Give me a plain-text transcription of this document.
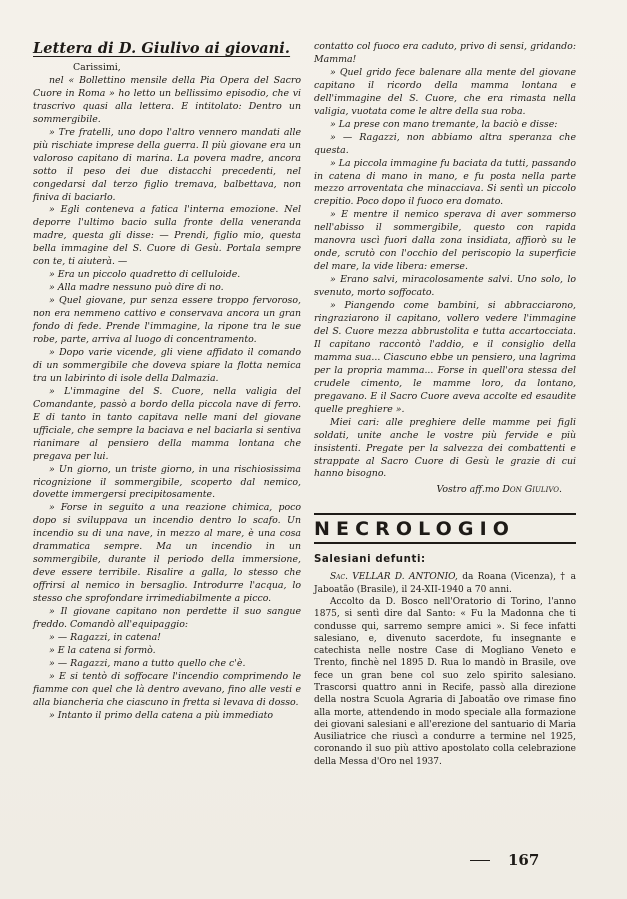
Lettera di D. Giulivo ai giovani.

Carissimi,

nel « Bollettino mensile della Pia Opera del Sacro Cuore in Roma » ho letto un bellissimo episodio, che vi trascrivo quasi alla lettera. E intitolato: Dentro un sommergibile.

» Tre fratelli, uno dopo l'altro vennero mandati alle più rischiate imprese della guerra. Il più giovane era un valoroso capitano di marina. La povera madre, ancora sotto il peso dei due distacchi precedenti, nel congedarsi dal terzo figlio tremava, balbettava, non finiva di baciarlo.

» Egli conteneva a fatica l'interna emozione. Nel deporre l'ultimo bacio sulla fronte della veneranda madre, questa gli disse: — Prendi, figlio mio, questa bella immagine del S. Cuore di Gesù. Portala sempre con te, ti aiuterà. —

» Era un piccolo quadretto di celluloide.

» Alla madre nessuno può dire di no.

» Quel giovane, pur senza essere troppo fervoroso, non era nemmeno cattivo e conservava ancora un gran fondo di fede. Prende l'immagine, la ripone tra le sue robe, parte, arriva al luogo di concentramento.

» Dopo varie vicende, gli viene affidato il comando di un sommergibile che doveva spiare la flotta nemica tra un labirinto di isole della Dalmazia.

» L'immagine del S. Cuore, nella valigia del Comandante, passò a bordo della piccola nave di ferro. E di tanto in tanto capitava nelle mani del giovane ufficiale, che sempre la baciava e nel baciarla si sentiva rianimare al pensiero della mamma lontana che pregava per lui.

» Un giorno, un triste giorno, in una rischiosissima ricognizione il sommergibile, scoperto dal nemico, dovette immergersi precipitosamente.

» Forse in seguito a una reazione chimica, poco dopo si sviluppava un incendio dentro lo scafo. Un incendio su di una nave, in mezzo al mare, è una cosa drammatica sempre. Ma un incendio in un sommergibile, durante il periodo della immersione, deve essere terribile. Risalire a galla, lo stesso che offrirsi al nemico in bersaglio. Introdurre l'acqua, lo stesso che sprofondare irrimediabilmente a picco.

» Il giovane capitano non perdette il suo sangue freddo. Comandò all'equipaggio:

» — Ragazzi, in catena!

» E la catena si formò.

» — Ragazzi, mano a tutto quello che c'è.

» E si tentò di soffocare l'incendio comprimendo le fiamme con quel che là dentro avevano, fino alle vesti e alla biancheria che ciascuno in fretta si levava di dosso.

» Intanto il primo della catena a più immediato

contatto col fuoco era caduto, privo di sensi, gridando: Mamma!

» Quel grido fece balenare alla mente del giovane capitano il ricordo della mamma lontana e dell'immagine del S. Cuore, che era rimasta nella valigia, vuotata come le altre della sua roba.

» La prese con mano tremante, la baciò e disse:

» — Ragazzi, non abbiamo altra speranza che questa.

» La piccola immagine fu baciata da tutti, passando in catena di mano in mano, e fu posta nella parte mezzo arroventata che minacciava. Si sentì un piccolo crepitio. Poco dopo il fuoco era domato.

» E mentre il nemico sperava di aver sommerso nell'abisso il sommergibile, questo con rapida manovra uscì fuori dalla zona insidiata, affiorò su le onde, scrutò con l'occhio del periscopio la superficie del mare, la vide libera: emerse.

» Erano salvi, miracolosamente salvi. Uno solo, lo svenuto, morto soffocato.

» Piangendo come bambini, si abbracciarono, ringraziarono il capitano, vollero vedere l'immagine del S. Cuore mezza abbrustolita e tutta accartocciata. Il capitano raccontò l'addio, e il consiglio della mamma sua... Ciascuno ebbe un pensiero, una lagrima per la propria mamma... Forse in quell'ora stessa del crudele cimento, le mamme loro, da lontano, pregavano. E il Sacro Cuore aveva accolte ed esaudite quelle preghiere ».

Miei cari: alle preghiere delle mamme pei figli soldati, unite anche le vostre più fervide e più insistenti. Pregate per la salvezza dei combattenti e strappate al Sacro Cuore di Gesù le grazie di cui hanno bisogno.

Vostro aff.mo Don Giulivo.

NECROLOGIO

Salesiani defunti:

Sac. VELLAR D. ANTONIO, da Roana (Vicenza), † a Jaboatão (Brasile), il 24-XII-1940 a 70 anni.

Accolto da D. Bosco nell'Oratorio di Torino, l'anno 1875, si sentì dire dal Santo: « Fu la Madonna che ti condusse qui, sarremo sempre amici ». Si fece infatti salesiano, e, divenuto sacerdote, fu insegnante e catechista nelle nostre Case di Mogliano Veneto e Trento, finchè nel 1895 D. Rua lo mandò in Brasile, ove fece un gran bene col suo zelo spirito salesiano. Trascorsi quattro anni in Recife, passò alla direzione della nostra Scuola Agraria di Jaboatão ove rimase fino alla morte, attendendo in modo speciale alla formazione dei giovani salesiani e all'erezione del santuario di Maria Ausiliatrice che riuscì a condurre a termine nel 1925, coronando il suo più attivo apostolato colla celebrazione della Messa d'Oro nel 1937.

167
